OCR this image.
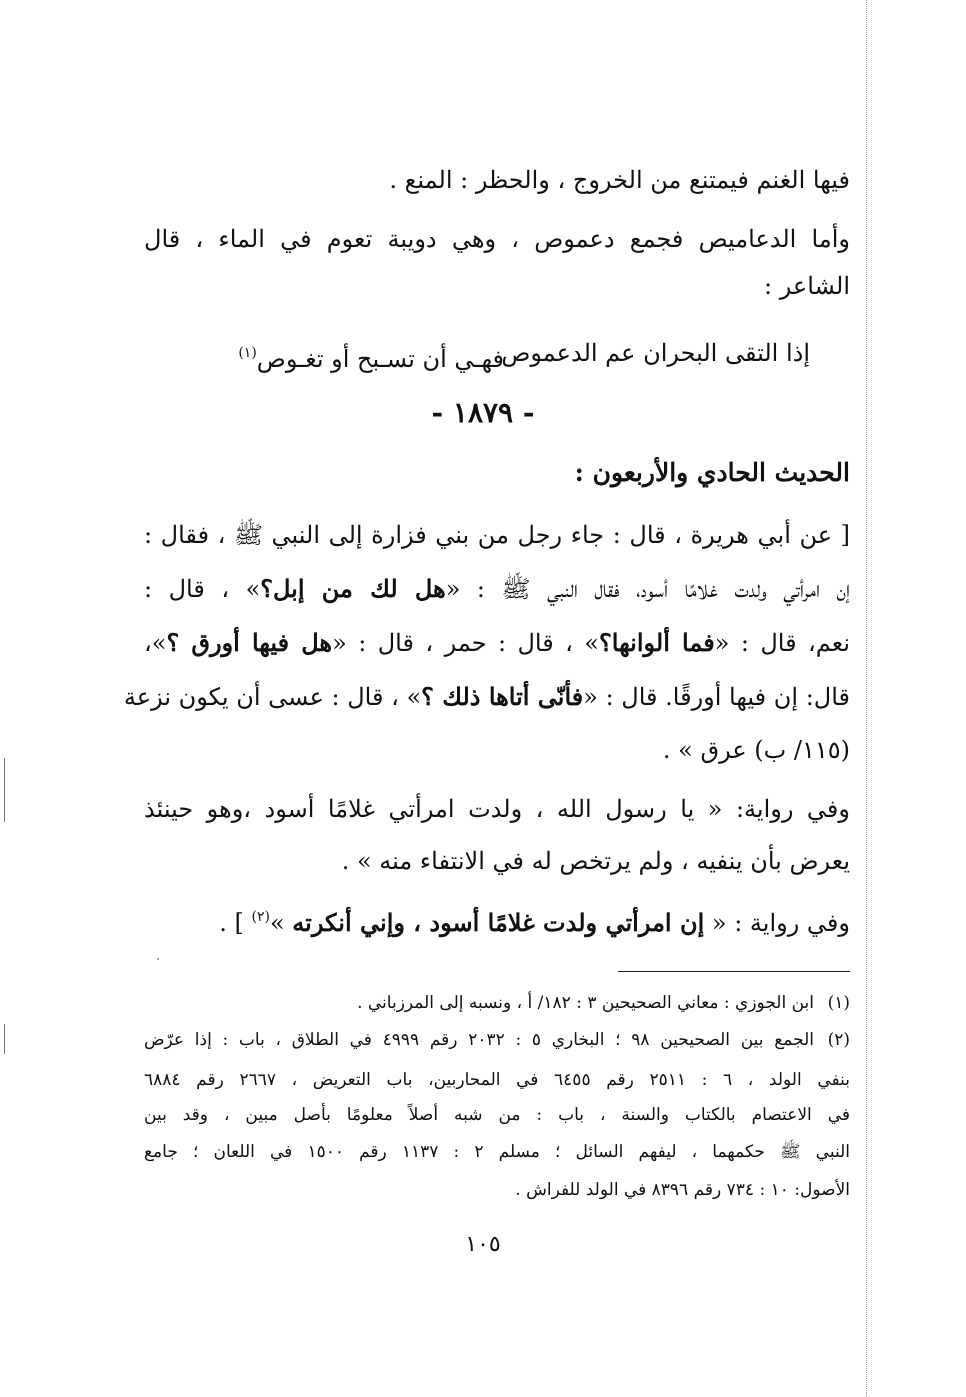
فيها الغنم فيمتنع من الخروج ، والحظر : المنع .
وأما الدعاميص فجمع دعموص ، وهي دويبة تعوم في الماء ، قال
الشاعر :
إذا التقى البحران عم الدعموص
فهـي أن تسـبح أو تغـوص$^{(١)}$
- ١٨٧٩ -
الحديث الحادي والأربعون :
[ عن أبي هريرة ، قال : جاء رجل من بني فزارة إلى النبي ﷺ ، فقال :
إن امرأتي ولدت غلامًا أسود، فقال النبي ﷺ : «هل لك من إبل؟» ، قال :
نعم، قال : «فما ألوانها؟» ، قال : حمر ، قال : «هل فيها أورق ؟»،
قال: إن فيها أورقًا. قال : «فأنّى أتاها ذلك ؟» ، قال : عسى أن يكون نزعة
(١١٥/ ب) عرق » .
وفي رواية: « يا رسول الله ، ولدت امرأتي غلامًا أسود ،وهو حينئذ
يعرض بأن ينفيه ، ولم يرتخص له في الانتفاء منه » .
وفي رواية : « إن امرأتي ولدت غلامًا أسود ، وإني أنكرته »$^{(٢)}$ ] .
(١)
ابن الجوزي : معاني الصحيحين ٣ : ١٨٢/ أ ، ونسبه إلى المرزباني .
(٢)
الجمع بين الصحيحين ٩٨ ؛ البخاري ٥ : ٢٠٣٢ رقم ٤٩٩٩ في الطلاق ، باب : إذا عرّض
بنفي الولد ، ٦ : ٢٥١١ رقم ٦٤٥٥ في المحاربين، باب التعريض ، ٢٦٦٧ رقم ٦٨٨٤
في الاعتصام بالكتاب والسنة ، باب : من شبه أصلاً معلومًا بأصل مبين ، وقد بين
النبي ﷺ حكمهما ، ليفهم السائل ؛ مسلم ٢ : ١١٣٧ رقم ١٥٠٠ في اللعان ؛ جامع
الأصول: ١٠ : ٧٣٤ رقم ٨٣٩٦ في الولد للفراش .
١٠٥
